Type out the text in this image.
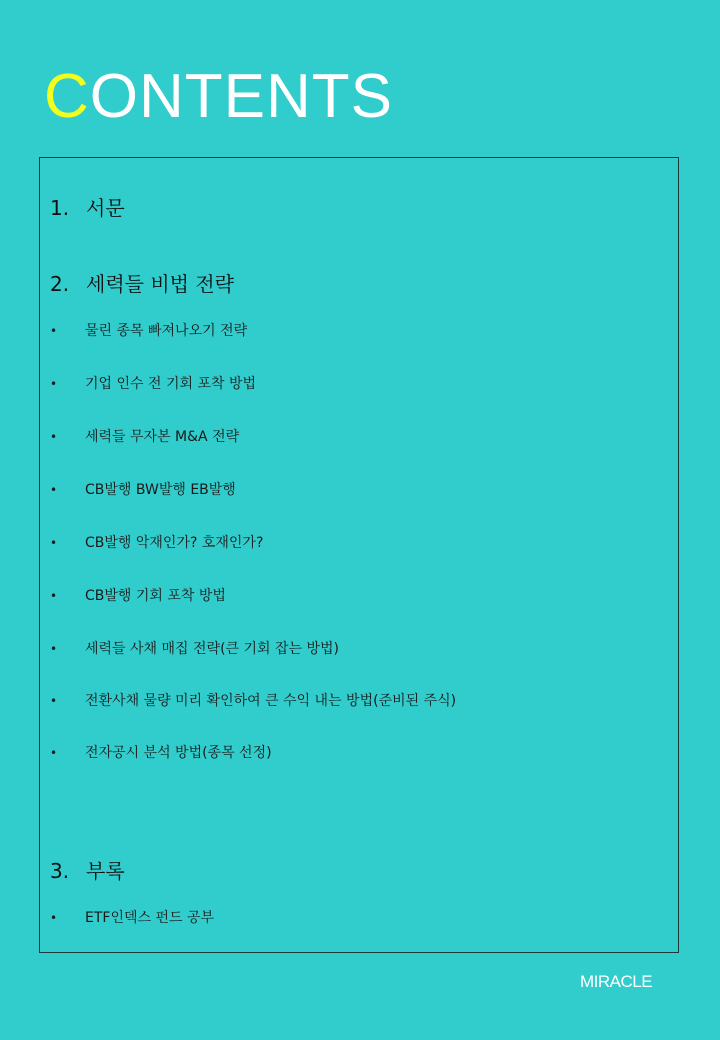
CONTENTS
1. 서문
2. 세력들 비법 전략
• 물린 종목 빠져나오기 전략
• 기업 인수 전 기회 포착 방법
• 세력들 무자본 M&A 전략
• CB발행 BW발행 EB발행
• CB발행 악재인가? 호재인가?
• CB발행 기회 포착 방법
• 세력들 사채 매집 전략(큰 기회 잡는 방법)
• 전환사채 물량 미리 확인하여 큰 수익 내는 방법(준비된 주식)
• 전자공시 분석 방법(종목 선정)
3. 부록
• ETF인덱스 펀드 공부
MIRACLE
